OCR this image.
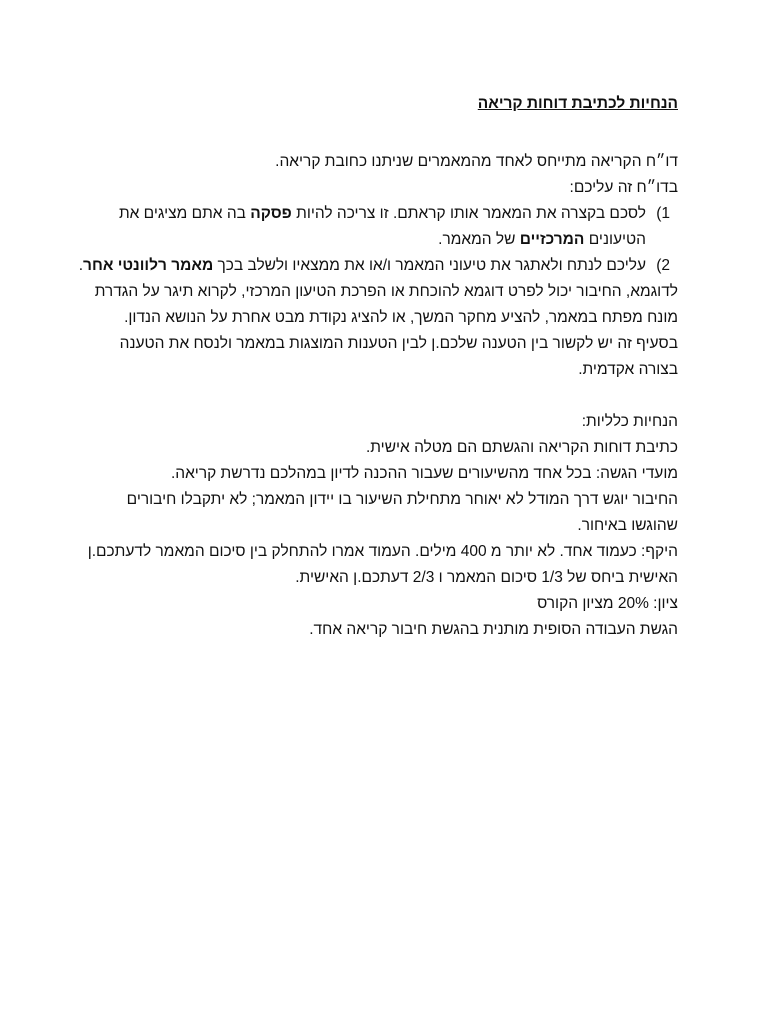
הנחיות לכתיבת דוחות קריאה

דו״ח הקריאה מתייחס לאחד מהמאמרים שניתנו כחובת קריאה.

בדו״ח זה עליכם:

1)
לסכם בקצרה את המאמר אותו קראתם. זו צריכה להיות פסקה בה אתם מציגים את הטיעונים המרכזיים של המאמר.

2)
עליכם לנתח ולאתגר את טיעוני המאמר ו/או את ממצאיו ולשלב בכך מאמר רלוונטי אחר.

לדוגמא, החיבור יכול לפרט דוגמא להוכחת או הפרכת הטיעון המרכזי, לקרוא תיגר על הגדרת מונח מפתח במאמר, להציע מחקר המשך, או להציג נקודת מבט אחרת על הנושא הנדון.

בסעיף זה יש לקשור בין הטענה שלכם.ן לבין הטענות המוצגות במאמר ולנסח את הטענה בצורה אקדמית.

הנחיות כלליות:

כתיבת דוחות הקריאה והגשתם הם מטלה אישית.

מועדי הגשה: בכל אחד מהשיעורים שעבור ההכנה לדיון במהלכם נדרשת קריאה.

החיבור יוגש דרך המודל לא יאוחר מתחילת השיעור בו יידון המאמר; לא יתקבלו חיבורים שהוגשו באיחור.

היקף: כעמוד אחד. לא יותר מ 400 מילים. העמוד אמרו להתחלק בין סיכום המאמר לדעתכם.ן האישית ביחס של 1/3 סיכום המאמר ו 2/3 דעתכם.ן האישית.

ציון: 20% מציון הקורס

הגשת העבודה הסופית מותנית בהגשת חיבור קריאה אחד.
